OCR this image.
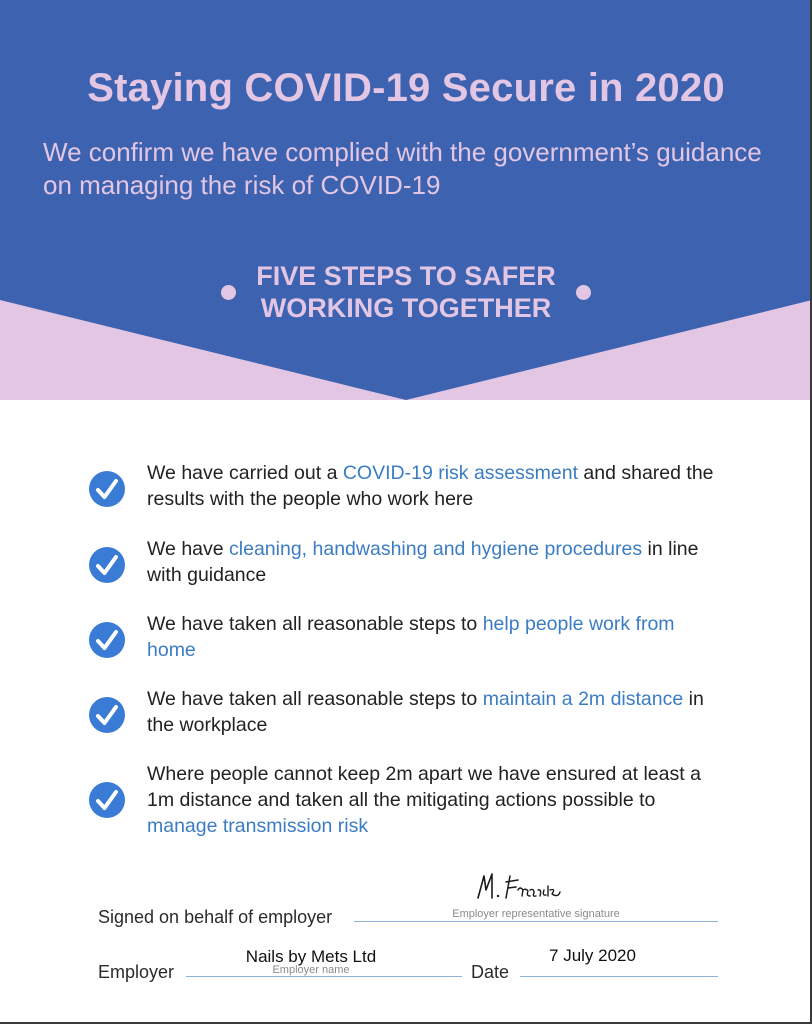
Staying COVID-19 Secure in 2020

We confirm we have complied with the government’s guidance on managing the risk of COVID-19

FIVE STEPS TO SAFER
WORKING TOGETHER
We have carried out a COVID-19 risk assessment and shared the results with the people who work here
We have cleaning, handwashing and hygiene procedures in line with guidance
We have taken all reasonable steps to help people work from home
We have taken all reasonable steps to maintain a 2m distance in the workplace
Where people cannot keep 2m apart we have ensured at least a 1m distance and taken all the mitigating actions possible to manage transmission risk
Signed on behalf of employer	Employer representative signature
Employer
Nails by Mets Ltd
Employer name	Date
7 July 2020
